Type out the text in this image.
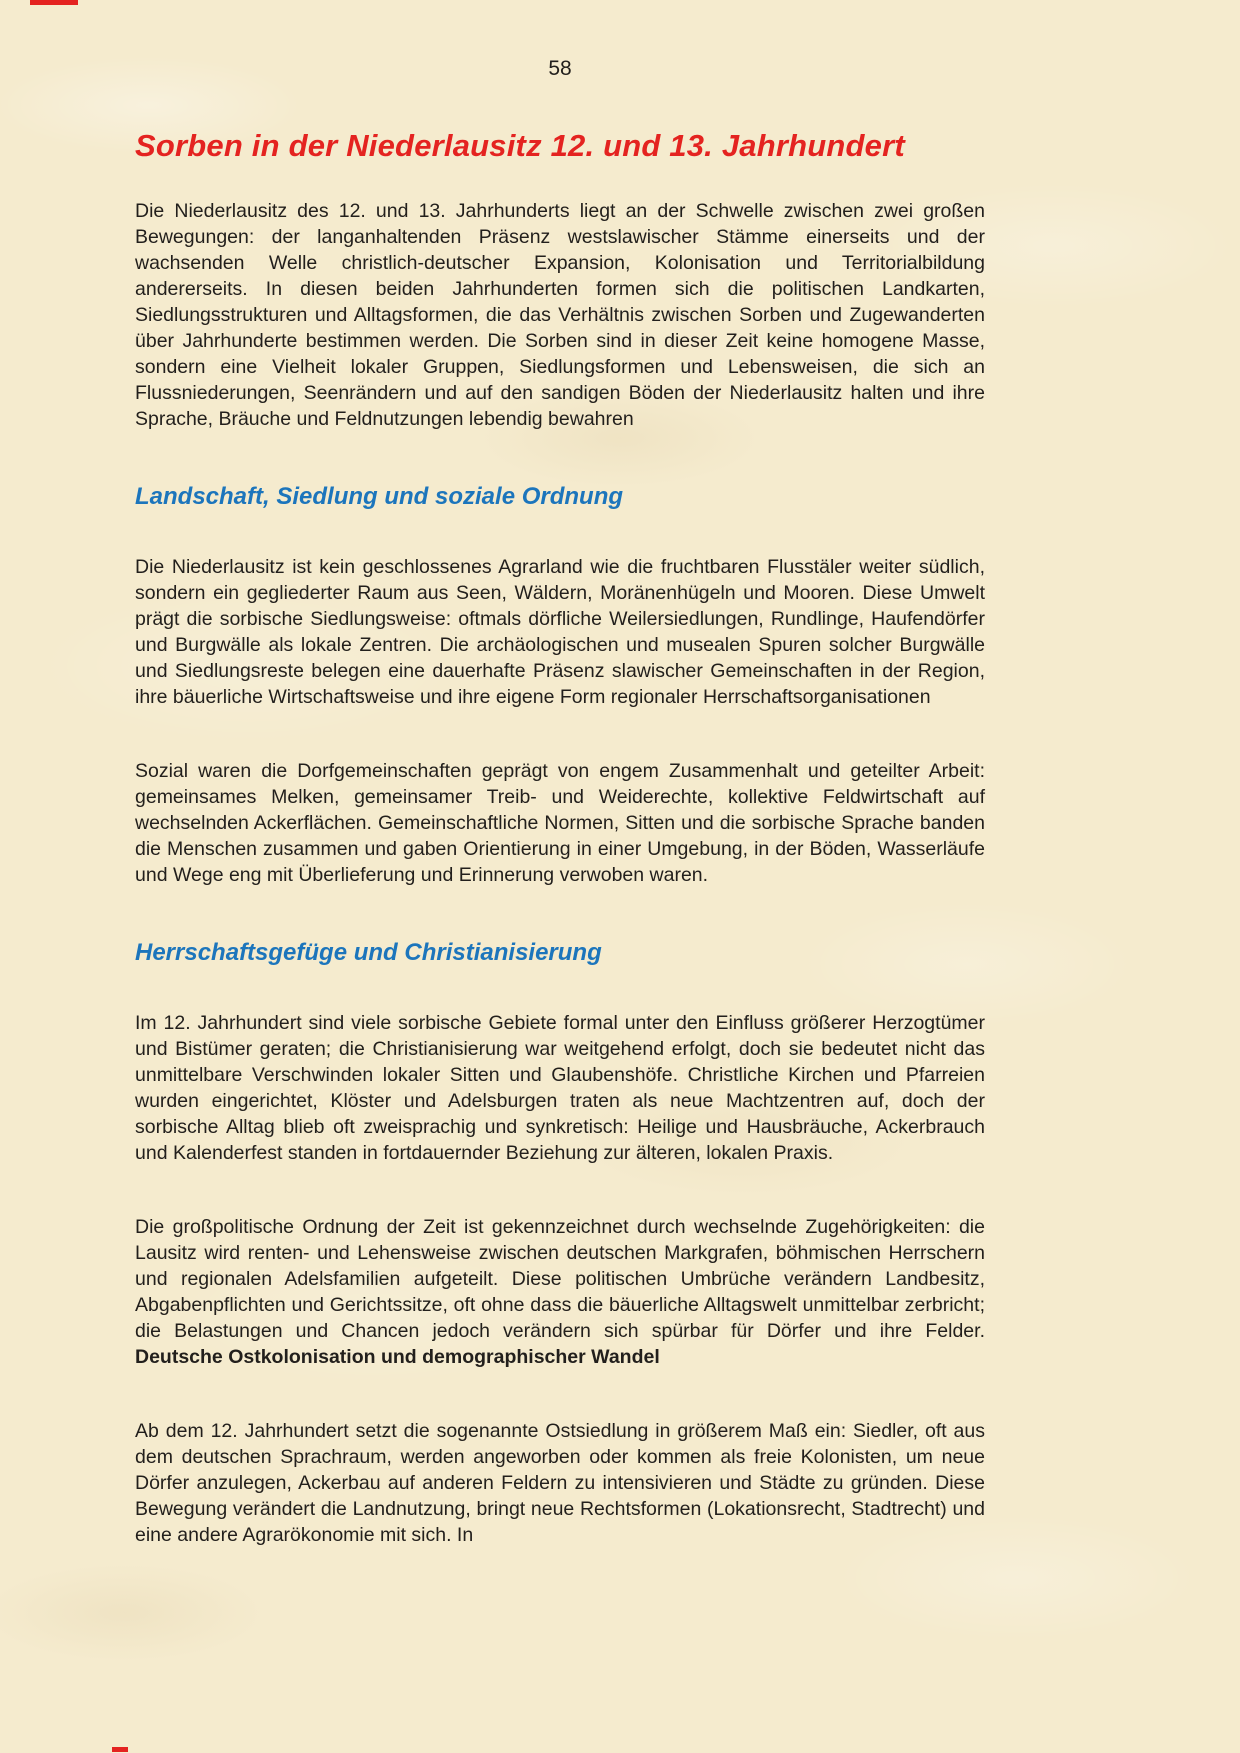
58
Sorben in der Niederlausitz 12. und 13. Jahrhundert

Die Niederlausitz des 12. und 13. Jahrhunderts liegt an der Schwelle zwischen zwei großen Bewegungen: der langanhaltenden Präsenz westslawischer Stämme einerseits und der wachsenden Welle christlich-deutscher Expansion, Kolonisation und Territorialbildung andererseits. In diesen beiden Jahrhunderten formen sich die politischen Landkarten, Siedlungsstrukturen und Alltagsformen, die das Verhältnis zwischen Sorben und Zugewanderten über Jahrhunderte bestimmen werden. Die Sorben sind in dieser Zeit keine homogene Masse, sondern eine Vielheit lokaler Gruppen, Siedlungsformen und Lebensweisen, die sich an Flussniederungen, Seenrändern und auf den sandigen Böden der Niederlausitz halten und ihre Sprache, Bräuche und Feldnutzungen lebendig bewahren

Landschaft, Siedlung und soziale Ordnung

Die Niederlausitz ist kein geschlossenes Agrarland wie die fruchtbaren Flusstäler weiter südlich, sondern ein gegliederter Raum aus Seen, Wäldern, Moränenhügeln und Mooren. Diese Umwelt prägt die sorbische Siedlungsweise: oftmals dörfliche Weilersiedlungen, Rundlinge, Haufendörfer und Burgwälle als lokale Zentren. Die archäologischen und musealen Spuren solcher Burgwälle und Siedlungsreste belegen eine dauerhafte Präsenz slawischer Gemeinschaften in der Region, ihre bäuerliche Wirtschaftsweise und ihre eigene Form regionaler Herrschaftsorganisationen

Sozial waren die Dorfgemeinschaften geprägt von engem Zusammenhalt und geteilter Arbeit: gemeinsames Melken, gemeinsamer Treib- und Weiderechte, kollektive Feldwirtschaft auf wechselnden Ackerflächen. Gemeinschaftliche Normen, Sitten und die sorbische Sprache banden die Menschen zusammen und gaben Orientierung in einer Umgebung, in der Böden, Wasserläufe und Wege eng mit Überlieferung und Erinnerung verwoben waren.

Herrschaftsgefüge und Christianisierung

Im 12. Jahrhundert sind viele sorbische Gebiete formal unter den Einfluss größerer Herzogtümer und Bistümer geraten; die Christianisierung war weitgehend erfolgt, doch sie bedeutet nicht das unmittelbare Verschwinden lokaler Sitten und Glaubenshöfe. Christliche Kirchen und Pfarreien wurden eingerichtet, Klöster und Adelsburgen traten als neue Machtzentren auf, doch der sorbische Alltag blieb oft zweisprachig und synkretisch: Heilige und Hausbräuche, Ackerbrauch und Kalenderfest standen in fortdauernder Beziehung zur älteren, lokalen Praxis.

Die großpolitische Ordnung der Zeit ist gekennzeichnet durch wechselnde Zugehörigkeiten: die Lausitz wird renten- und Lehensweise zwischen deutschen Markgrafen, böhmischen Herrschern und regionalen Adelsfamilien aufgeteilt. Diese politischen Umbrüche verändern Landbesitz, Abgabenpflichten und Gerichtssitze, oft ohne dass die bäuerliche Alltagswelt unmittelbar zerbricht; die Belastungen und Chancen jedoch verändern sich spürbar für Dörfer und ihre Felder. Deutsche Ostkolonisation und demographischer Wandel

Ab dem 12. Jahrhundert setzt die sogenannte Ostsiedlung in größerem Maß ein: Siedler, oft aus dem deutschen Sprachraum, werden angeworben oder kommen als freie Kolonisten, um neue Dörfer anzulegen, Ackerbau auf anderen Feldern zu intensivieren und Städte zu gründen. Diese Bewegung verändert die Landnutzung, bringt neue Rechtsformen (Lokationsrecht, Stadtrecht) und eine andere Agrarökonomie mit sich. In
